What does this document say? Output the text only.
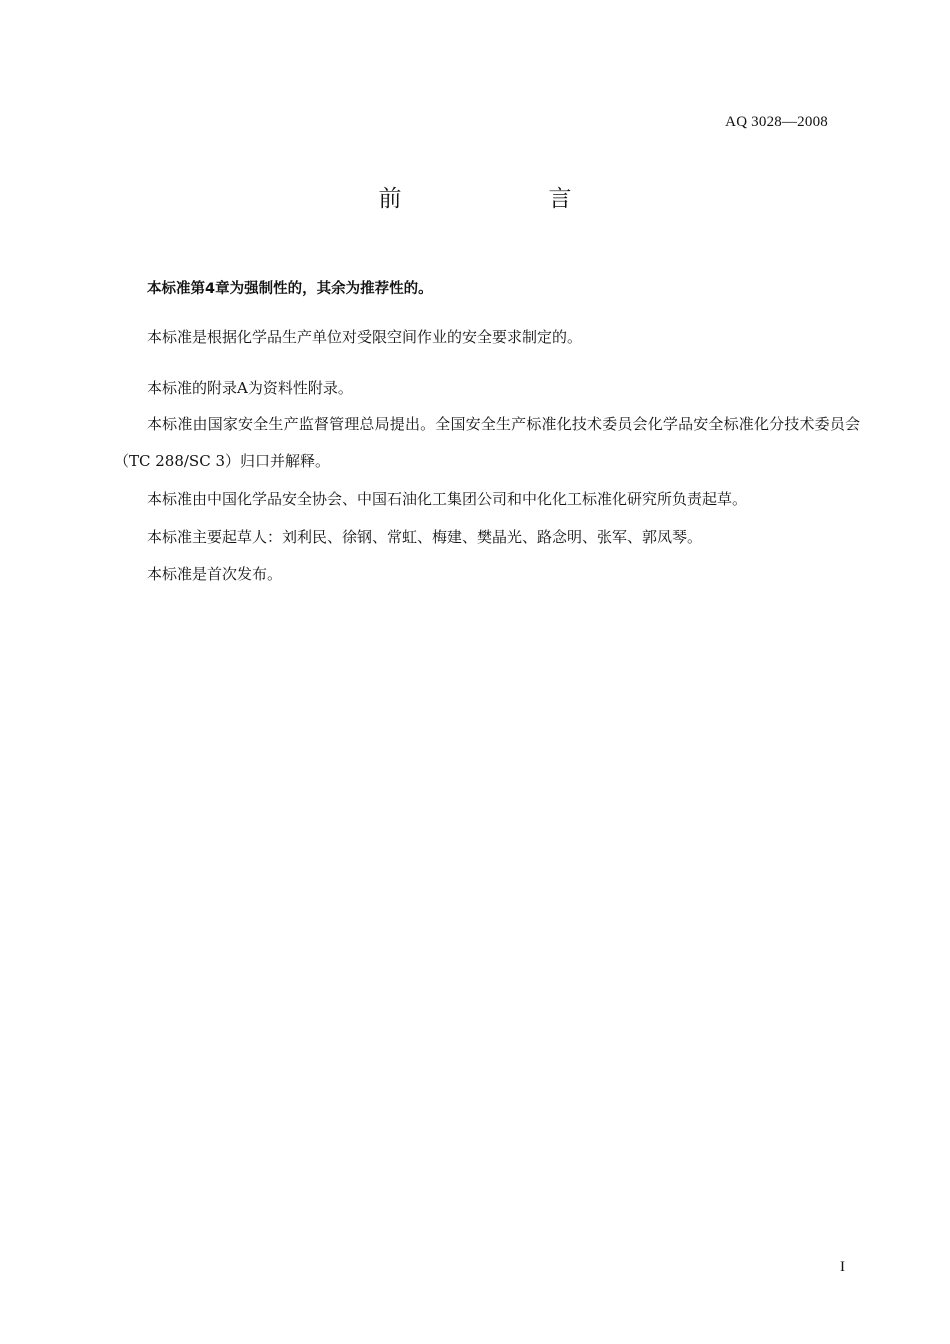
AQ 3028—2008
前　言

本标准第4章为强制性的，其余为推荐性的。

本标准是根据化学品生产单位对受限空间作业的安全要求制定的。

本标准的附录A为资料性附录。

本标准由国家安全生产监督管理总局提出。全国安全生产标准化技术委员会化学品安全标准化分技术委员会（TC 288/SC 3）归口并解释。

本标准由中国化学品安全协会、中国石油化工集团公司和中化化工标准化研究所负责起草。

本标准主要起草人：刘利民、徐钢、常虹、梅建、樊晶光、路念明、张军、郭凤琴。

本标准是首次发布。

I
